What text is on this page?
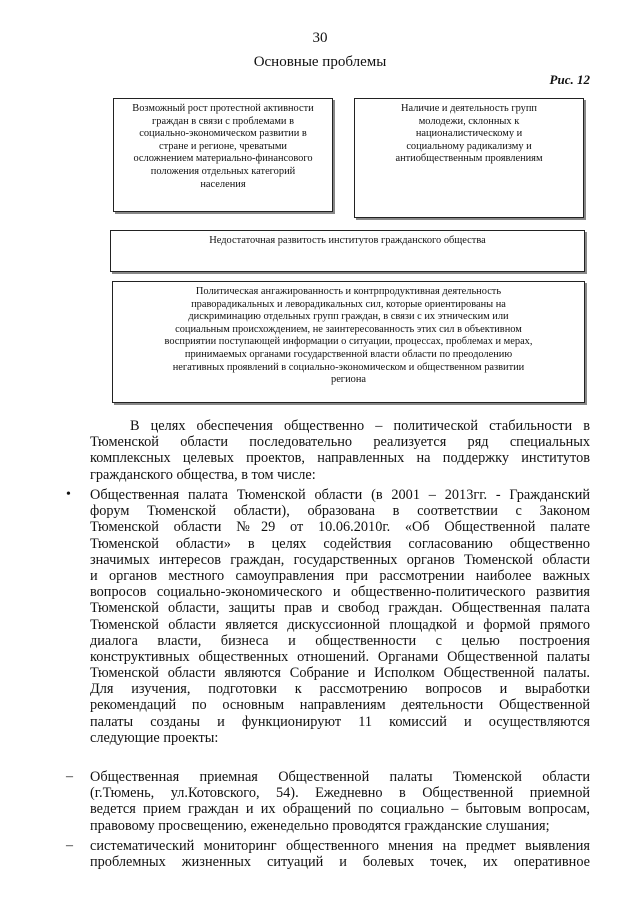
30
Основные проблемы
Рис. 12
Возможный рост протестной активности
граждан в связи с проблемами в
социально-экономическом развитии в
стране и регионе, чреватыми
осложнением материально-финансового
положения отдельных категорий
населения
Наличие и деятельность групп
молодежи, склонных к
националистическому и
социальному радикализму и
антиобщественным проявлениям
Недостаточная развитость институтов гражданского общества
Политическая ангажированность и контрпродуктивная деятельность
праворадикальных и леворадикальных сил, которые ориентированы на
дискриминацию отдельных групп граждан, в связи с их этническим или
социальным происхождением, не заинтересованность этих сил в объективном
восприятии поступающей информации о ситуации, процессах, проблемах и мерах,
принимаемых органами государственной власти области по преодолению
негативных проявлений в социально-экономическом и общественном развитии
региона
В целях обеспечения общественно – политической стабильности в
Тюменской области последовательно реализуется ряд специальных
комплексных целевых проектов, направленных на поддержку институтов
гражданского общества, в том числе:
• Общественная палата Тюменской области (в 2001 – 2013гг. - Гражданский
форум Тюменской области), образована в соответствии с Законом
Тюменской области №29 от 10.06.2010г. «Об Общественной палате
Тюменской области» в целях содействия согласованию общественно
значимых интересов граждан, государственных органов Тюменской области
и органов местного самоуправления при рассмотрении наиболее важных
вопросов социально-экономического и общественно-политического развития
Тюменской области, защиты прав и свобод граждан. Общественная палата
Тюменской области является дискуссионной площадкой и формой прямого
диалога власти, бизнеса и общественности с целью построения
конструктивных общественных отношений. Органами Общественной палаты
Тюменской области являются Собрание и Исполком Общественной палаты.
Для изучения, подготовки к рассмотрению вопросов и выработки
рекомендаций по основным направлениям деятельности Общественной
палаты созданы и функционируют 11 комиссий и осуществляются
следующие проекты:
– Общественная приемная Общественной палаты Тюменской области
(г.Тюмень, ул.Котовского, 54). Ежедневно в Общественной приемной
ведется прием граждан и их обращений по социально – бытовым вопросам,
правовому просвещению, еженедельно проводятся гражданские слушания;
– систематический мониторинг общественного мнения на предмет выявления
проблемных жизненных ситуаций и болевых точек, их оперативное
